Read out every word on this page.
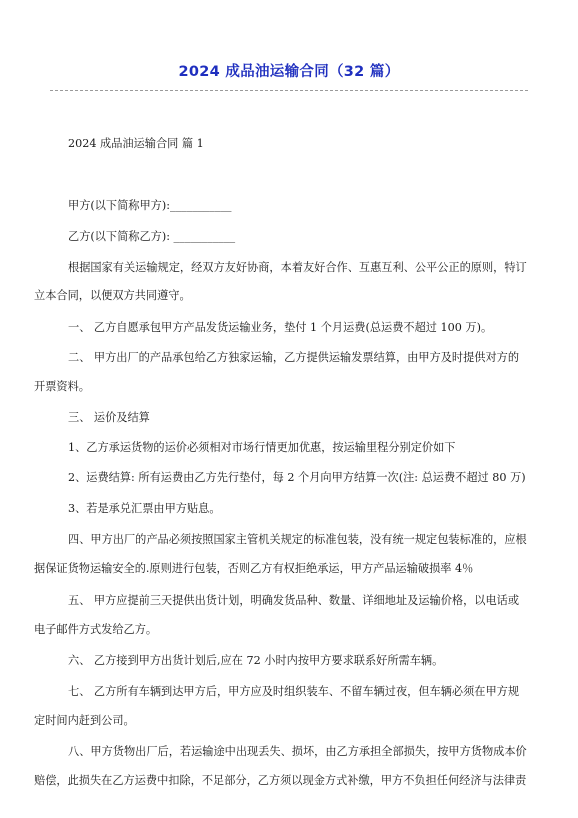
2024 成品油运输合同（32 篇）

2024 成品油运输合同 篇 1

甲方(以下简称甲方):___________

乙方(以下简称乙方): ___________

根据国家有关运输规定，经双方友好协商，本着友好合作、互惠互利、公平公正的原则，特订

立本合同，以便双方共同遵守。

一、 乙方自愿承包甲方产品发货运输业务，垫付 1 个月运费(总运费不超过 100 万)。

二、 甲方出厂的产品承包给乙方独家运输，乙方提供运输发票结算，由甲方及时提供对方的

开票资料。

三、 运价及结算

1、乙方承运货物的运价必须相对市场行情更加优惠，按运输里程分别定价如下

2、运费结算: 所有运费由乙方先行垫付，每 2 个月向甲方结算一次(注: 总运费不超过 80 万)

3、若是承兑汇票由甲方贴息。

四、甲方出厂的产品必须按照国家主管机关规定的标准包装，没有统一规定包装标准的，应根

据保证货物运输安全的.原则进行包装，否则乙方有权拒绝承运，甲方产品运输破损率 4％

五、 甲方应提前三天提供出货计划，明确发货品种、数量、详细地址及运输价格，以电话或

电子邮件方式发给乙方。

六、 乙方接到甲方出货计划后,应在 72 小时内按甲方要求联系好所需车辆。

七、 乙方所有车辆到达甲方后，甲方应及时组织装车、不留车辆过夜，但车辆必须在甲方规

定时间内赶到公司。

八、甲方货物出厂后，若运输途中出现丢失、损坏，由乙方承担全部损失，按甲方货物成本价

赔偿，此损失在乙方运费中扣除，不足部分，乙方须以现金方式补缴，甲方不负担任何经济与法律责
